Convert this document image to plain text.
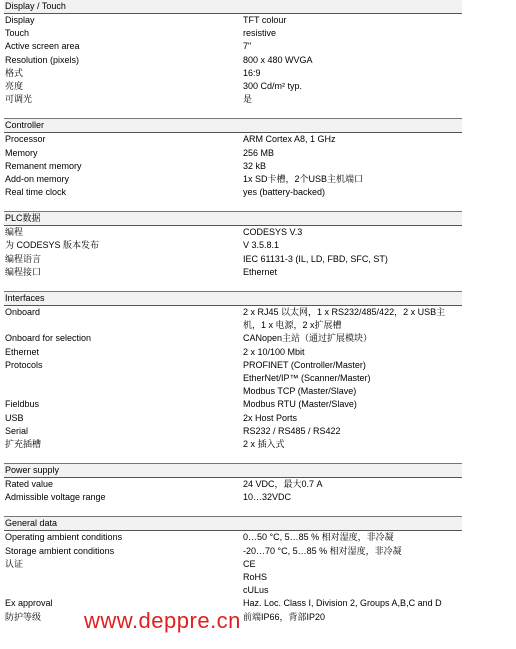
Display / Touch
Display	TFT colour
Touch	resistive
Active screen area	7"
Resolution (pixels)	800 x 480 WVGA
格式	16:9
亮度	300 Cd/m² typ.
可调光	是
Controller
Processor	ARM Cortex A8, 1 GHz
Memory	256 MB
Remanent memory	32 kB
Add-on memory	1x SD卡槽，2个USB主机端口
Real time clock	yes (battery-backed)
PLC数据
编程	CODESYS V.3
为 CODESYS 版本发布	V 3.5.8.1
编程语言	IEC 61131-3 (IL, LD, FBD, SFC, ST)
编程接口	Ethernet
Interfaces
Onboard	2 x RJ45 以太网，1 x RS232/485/422，2 x USB主
机，1 x 电源，2 x扩展槽
Onboard for selection	CANopen主站（通过扩展模块）
Ethernet	2 x 10/100 Mbit
Protocols	PROFINET (Controller/Master)
EtherNet/IP™ (Scanner/Master)
Modbus TCP (Master/Slave)
Fieldbus	Modbus RTU (Master/Slave)
USB	2x Host Ports
Serial	RS232 / RS485 / RS422
扩充插槽	2 x 插入式
Power supply
Rated value	24 VDC，最大0.7 A
Admissible voltage range	10…32VDC
General data
Operating ambient conditions	0…50 °C, 5…85 % 相对湿度，非冷凝
Storage ambient conditions	-20…70 °C, 5…85 % 相对湿度，非冷凝
认证	CE
RoHS
cULus
Ex approval	Haz. Loc. Class I, Division 2, Groups A,B,C and D
防护等级	前端IP66，背部IP20
www.deppre.cn
